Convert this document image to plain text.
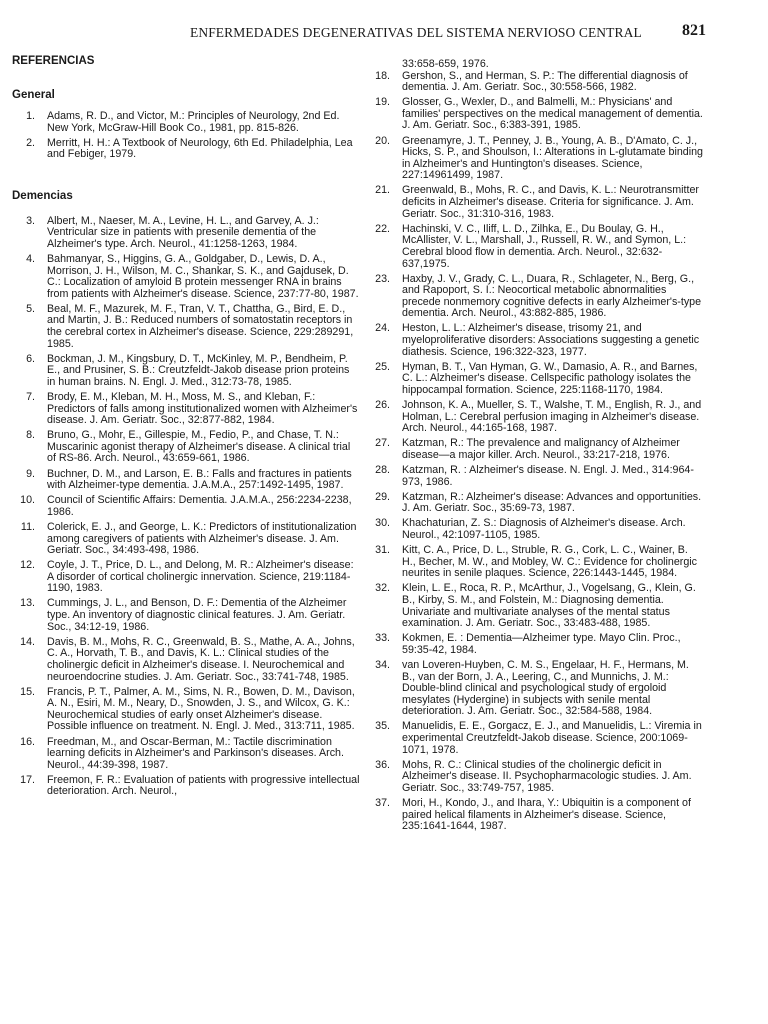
ENFERMEDADES DEGENERATIVAS DEL SISTEMA NERVIOSO CENTRAL	821
REFERENCIAS
General
1. Adams, R. D., and Victor, M.: Principles of Neurology, 2nd Ed. New York, McGraw-Hill Book Co., 1981, pp. 815-826.
2. Merritt, H. H.: A Textbook of Neurology, 6th Ed. Philadelphia, Lea and Febiger, 1979.
Demencias
3. Albert, M., Naeser, M. A., Levine, H. L., and Garvey, A. J.: Ventricular size in patients with presenile dementia of the Alzheimer's type. Arch. Neurol., 41:1258-1263, 1984.
4. Bahmanyar, S., Higgins, G. A., Goldgaber, D., Lewis, D. A., Morrison, J. H., Wilson, M. C., Shankar, S. K., and Gajdusek, D. C.: Localization of amyloid B protein messenger RNA in brains from patients with Alzheimer's disease. Science, 237:77-80, 1987.
5. Beal, M. F., Mazurek, M. F., Tran, V. T., Chattha, G., Bird, E. D., and Martin, J. B.: Reduced numbers of somatostatin receptors in the cerebral cortex in Alzheimer's disease. Science, 229:289291, 1985.
6. Bockman, J. M., Kingsbury, D. T., McKinley, M. P., Bendheim, P. E., and Prusiner, S. B.: Creutzfeldt-Jakob disease prion proteins in human brains. N. Engl. J. Med., 312:73-78, 1985.
7. Brody, E. M., Kleban, M. H., Moss, M. S., and Kleban, F.: Predictors of falls among institutionalized women with Alzheimer's disease. J. Am. Geriatr. Soc., 32:877-882, 1984.
8. Bruno, G., Mohr, E., Gillespie, M., Fedio, P., and Chase, T. N.: Muscarinic agonist therapy of Alzheimer's disease. A clinical trial of RS-86. Arch. Neurol., 43:659-661, 1986.
9. Buchner, D. M., and Larson, E. B.: Falls and fractures in patients with Alzheimer-type dementia. J.A.M.A., 257:1492-1495, 1987.
10. Council of Scientific Affairs: Dementia. J.A.M.A., 256:2234-2238, 1986.
11. Colerick, E. J., and George, L. K.: Predictors of institutionalization among caregivers of patients with Alzheimer's disease. J. Am. Geriatr. Soc., 34:493-498, 1986.
12. Coyle, J. T., Price, D. L., and Delong, M. R.: Alzheimer's disease: A disorder of cortical cholinergic innervation. Science, 219:1184-1190, 1983.
13. Cummings, J. L., and Benson, D. F.: Dementia of the Alzheimer type. An inventory of diagnostic clinical features. J. Am. Geriatr. Soc., 34:12-19, 1986.
14. Davis, B. M., Mohs, R. C., Greenwald, B. S., Mathe, A. A., Johns, C. A., Horvath, T. B., and Davis, K. L.: Clinical studies of the cholinergic deficit in Alzheimer's disease. I. Neurochemical and neuroendocrine studies. J. Am. Geriatr. Soc., 33:741-748, 1985.
15. Francis, P. T., Palmer, A. M., Sims, N. R., Bowen, D. M., Davison, A. N., Esiri, M. M., Neary, D., Snowden, J. S., and Wilcox, G. K.: Neurochemical studies of early onset Alzheimer's disease. Possible influence on treatment. N. Engl. J. Med., 313:711, 1985.
16. Freedman, M., and Oscar-Berman, M.: Tactile discrimination learning deficits in Alzheimer's and Parkinson's diseases. Arch. Neurol., 44:39-398, 1987.
17. Freemon, F. R.: Evaluation of patients with progressive intellectual deterioration. Arch. Neurol.,
33:658-659, 1976.
18. Gershon, S., and Herman, S. P.: The differential diagnosis of dementia. J. Am. Geriatr. Soc., 30:558-566, 1982.
19. Glosser, G., Wexler, D., and Balmelli, M.: Physicians' and families' perspectives on the medical management of dementia. J. Am. Geriatr. Soc., 6:383-391, 1985.
20. Greenamyre, J. T., Penney, J. B., Young, A. B., D'Amato, C. J., Hicks, S. P., and Shoulson, I.: Alterations in L-glutamate binding in Alzheimer's and Huntington's diseases. Science, 227:14961499, 1987.
21. Greenwald, B., Mohs, R. C., and Davis, K. L.: Neurotransmitter deficits in Alzheimer's disease. Criteria for significance. J. Am. Geriatr. Soc., 31:310-316, 1983.
22. Hachinski, V. C., Iliff, L. D., Zilhka, E., Du Boulay, G. H., McAllister, V. L., Marshall, J., Russell, R. W., and Symon, L.: Cerebral blood flow in dementia. Arch. Neurol., 32:632-637,1975.
23. Haxby, J. V., Grady, C. L., Duara, R., Schlageter, N., Berg, G., and Rapoport, S. I.: Neocortical metabolic abnormalities precede nonmemory cognitive defects in early Alzheimer's-type dementia. Arch. Neurol., 43:882-885, 1986.
24. Heston, L. L.: Alzheimer's disease, trisomy 21, and myeloproliferative disorders: Associations suggesting a genetic diathesis. Science, 196:322-323, 1977.
25. Hyman, B. T., Van Hyman, G. W., Damasio, A. R., and Barnes, C. L.: Alzheimer's disease. Cellspecific pathology isolates the hippocampal formation. Science, 225:1168-1170, 1984.
26. Johnson, K. A., Mueller, S. T., Walshe, T. M., English, R. J., and Holman, L.: Cerebral perfusion imaging in Alzheimer's disease. Arch. Neurol., 44:165-168, 1987.
27. Katzman, R.: The prevalence and malignancy of Alzheimer disease—a major killer. Arch. Neurol., 33:217-218, 1976.
28. Katzman, R. : Alzheimer's disease. N. Engl. J. Med., 314:964-973, 1986.
29. Katzman, R.: Alzheimer's disease: Advances and opportunities. J. Am. Geriatr. Soc., 35:69-73, 1987.
30. Khachaturian, Z. S.: Diagnosis of Alzheimer's disease. Arch. Neurol., 42:1097-1105, 1985.
31. Kitt, C. A., Price, D. L., Struble, R. G., Cork, L. C., Wainer, B. H., Becher, M. W., and Mobley, W. C.: Evidence for cholinergic neurites in senile plaques. Science, 226:1443-1445, 1984.
32. Klein, L. E., Roca, R. P., McArthur, J., Vogelsang, G., Klein, G. B., Kirby, S. M., and Folstein, M.: Diagnosing dementia. Univariate and multivariate analyses of the mental status examination. J. Am. Geriatr. Soc., 33:483-488, 1985.
33. Kokmen, E. : Dementia—Alzheimer type. Mayo Clin. Proc., 59:35-42, 1984.
34. van Loveren-Huyben, C. M. S., Engelaar, H. F., Hermans, M. B., van der Born, J. A., Leering, C., and Munnichs, J. M.: Double-blind clinical and psychological study of ergoloid mesylates (Hydergine) in subjects with senile mental deterioration. J. Am. Geriatr. Soc., 32:584-588, 1984.
35. Manuelidis, E. E., Gorgacz, E. J., and Manuelidis, L.: Viremia in experimental Creutzfeldt-Jakob disease. Science, 200:1069-1071, 1978.
36. Mohs, R. C.: Clinical studies of the cholinergic deficit in Alzheimer's disease. II. Psychopharmacologic studies. J. Am. Geriatr. Soc., 33:749-757, 1985.
37. Mori, H., Kondo, J., and Ihara, Y.: Ubiquitin is a component of paired helical filaments in Alzheimer's disease. Science, 235:1641-1644, 1987.
